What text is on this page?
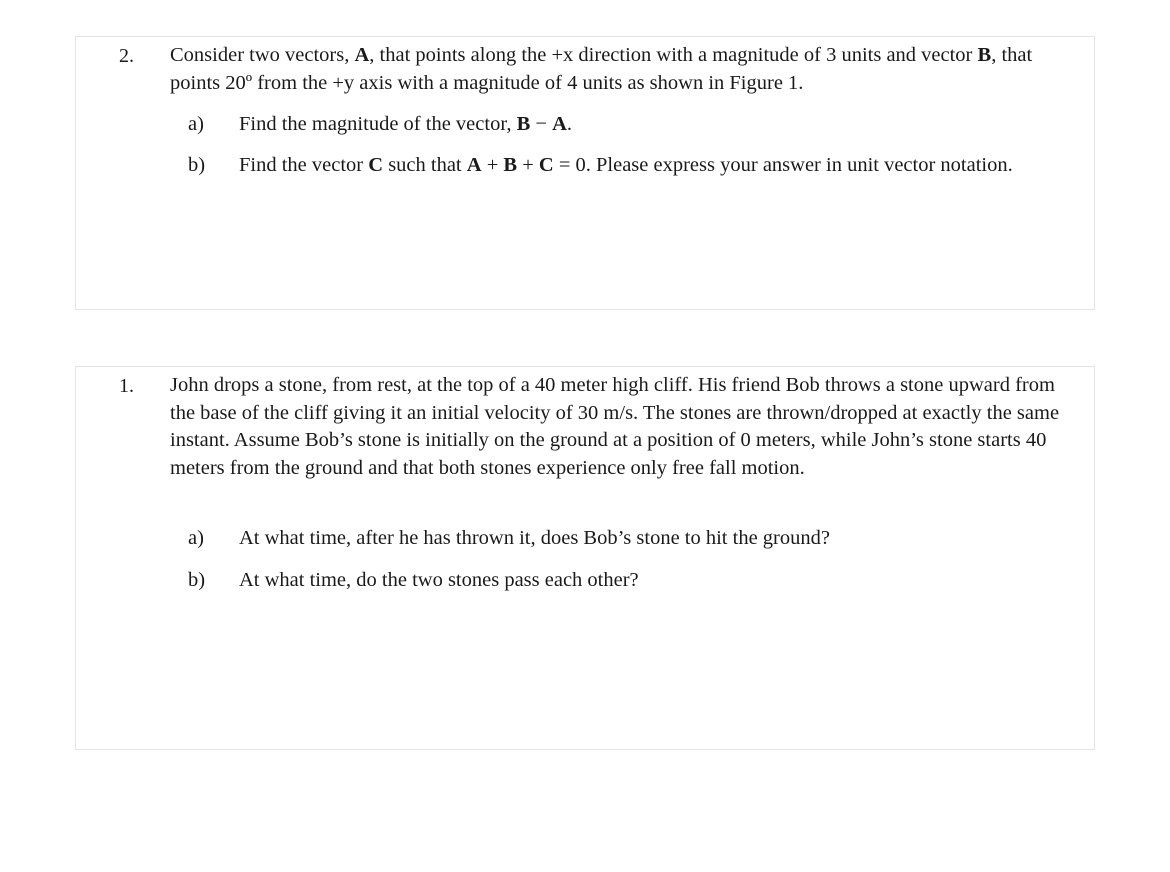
2. Consider two vectors, A, that points along the +x direction with a magnitude of 3 units and vector B, that points 20º from the +y axis with a magnitude of 4 units as shown in Figure 1.

a) Find the magnitude of the vector, B − A.
b) Find the vector C such that A + B + C = 0. Please express your answer in unit vector notation.
1. John drops a stone, from rest, at the top of a 40 meter high cliff. His friend Bob throws a stone upward from the base of the cliff giving it an initial velocity of 30 m/s. The stones are thrown/dropped at exactly the same instant. Assume Bob’s stone is initially on the ground at a position of 0 meters, while John’s stone starts 40 meters from the ground and that both stones experience only free fall motion.

a) At what time, after he has thrown it, does Bob’s stone to hit the ground?
b) At what time, do the two stones pass each other?
